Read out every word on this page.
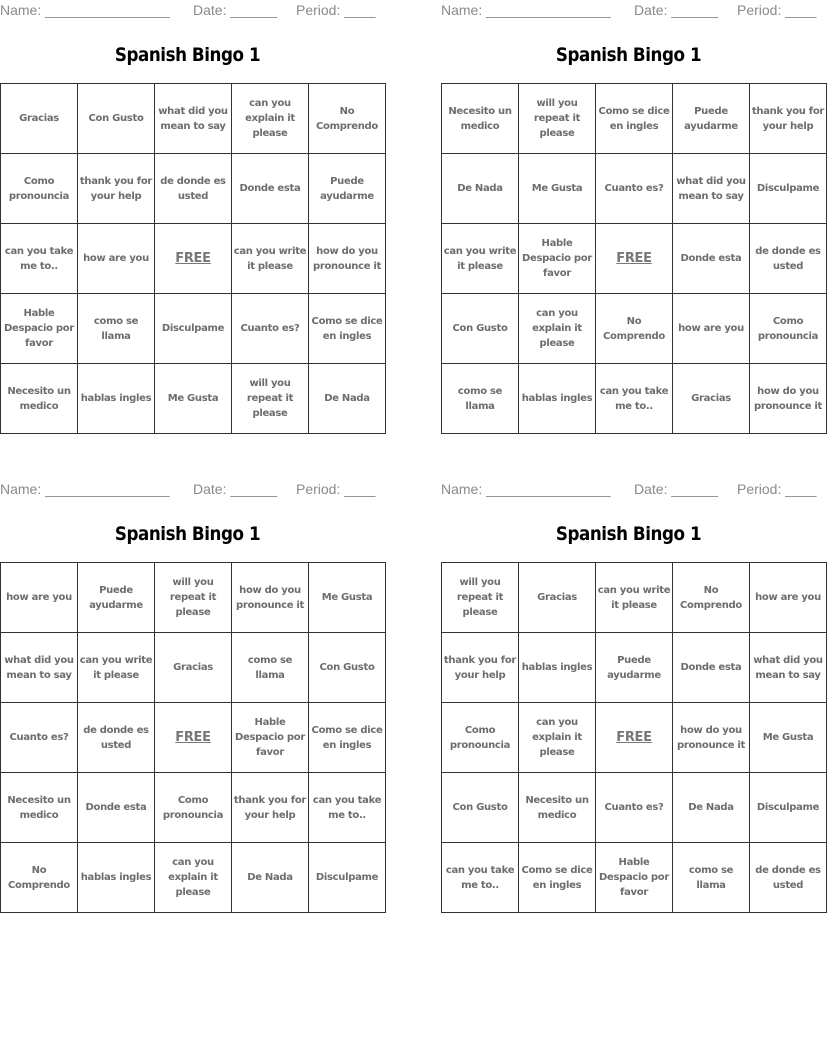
Name: ________________ Date: ______ Period: ____
Spanish Bingo 1
Gracias	Con Gusto	what did you mean to say	can you explain it please	No Comprendo
Como pronouncia	thank you for your help	de donde es usted	Donde esta	Puede ayudarme
can you take me to..	how are you	FREE	can you write it please	how do you pronounce it
Hable Despacio por favor	como se llama	Disculpame	Cuanto es?	Como se dice en ingles
Necesito un medico	hablas ingles	Me Gusta	will you repeat it please	De Nada
Name: ________________ Date: ______ Period: ____
Spanish Bingo 1
Necesito un medico	will you repeat it please	Como se dice en ingles	Puede ayudarme	thank you for your help
De Nada	Me Gusta	Cuanto es?	what did you mean to say	Disculpame
can you write it please	Hable Despacio por favor	FREE	Donde esta	de donde es usted
Con Gusto	can you explain it please	No Comprendo	how are you	Como pronouncia
como se llama	hablas ingles	can you take me to..	Gracias	how do you pronounce it
Name: ________________ Date: ______ Period: ____
Spanish Bingo 1
how are you	Puede ayudarme	will you repeat it please	how do you pronounce it	Me Gusta
what did you mean to say	can you write it please	Gracias	como se llama	Con Gusto
Cuanto es?	de donde es usted	FREE	Hable Despacio por favor	Como se dice en ingles
Necesito un medico	Donde esta	Como pronouncia	thank you for your help	can you take me to..
No Comprendo	hablas ingles	can you explain it please	De Nada	Disculpame
Name: ________________ Date: ______ Period: ____
Spanish Bingo 1
will you repeat it please	Gracias	can you write it please	No Comprendo	how are you
thank you for your help	hablas ingles	Puede ayudarme	Donde esta	what did you mean to say
Como pronouncia	can you explain it please	FREE	how do you pronounce it	Me Gusta
Con Gusto	Necesito un medico	Cuanto es?	De Nada	Disculpame
can you take me to..	Como se dice en ingles	Hable Despacio por favor	como se llama	de donde es usted
